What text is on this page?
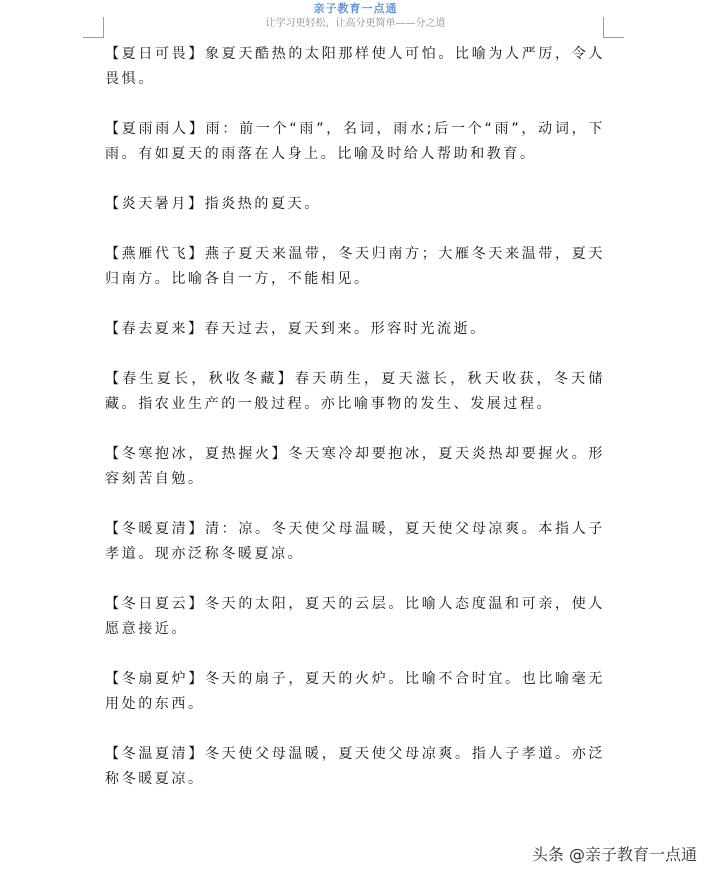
亲子教育一点通
让学习更轻松，让高分更简单——分之道

【夏日可畏】象夏天酷热的太阳那样使人可怕。比喻为人严厉，令人畏惧。

【夏雨雨人】雨：前一个“雨”，名词，雨水;后一个“雨”，动词，下雨。有如夏天的雨落在人身上。比喻及时给人帮助和教育。

【炎天暑月】指炎热的夏天。

【燕雁代飞】燕子夏天来温带，冬天归南方；大雁冬天来温带，夏天归南方。比喻各自一方，不能相见。

【春去夏来】春天过去，夏天到来。形容时光流逝。

【春生夏长，秋收冬藏】春天萌生，夏天滋长，秋天收获，冬天储藏。指农业生产的一般过程。亦比喻事物的发生、发展过程。

【冬寒抱冰，夏热握火】冬天寒冷却要抱冰，夏天炎热却要握火。形容刻苦自勉。

【冬暖夏清】清：凉。冬天使父母温暖，夏天使父母凉爽。本指人子孝道。现亦泛称冬暖夏凉。

【冬日夏云】冬天的太阳，夏天的云层。比喻人态度温和可亲，使人愿意接近。

【冬扇夏炉】冬天的扇子，夏天的火炉。比喻不合时宜。也比喻毫无用处的东西。

【冬温夏清】冬天使父母温暖，夏天使父母凉爽。指人子孝道。亦泛称冬暖夏凉。

头条 @亲子教育一点通
